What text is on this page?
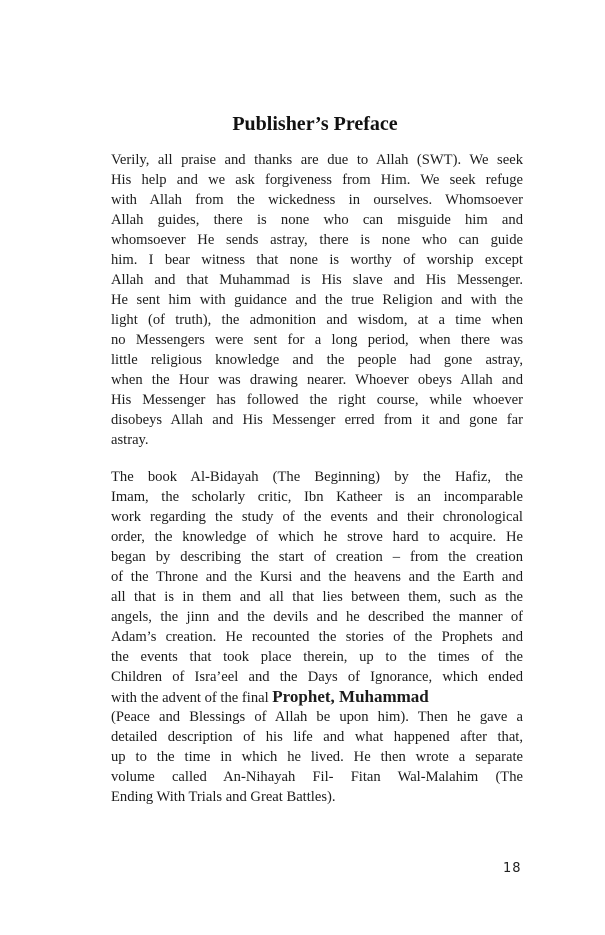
Publisher’s Preface
Verily, all praise and thanks are due to Allah (SWT). We seek
His help and we ask forgiveness from Him. We seek refuge
with Allah from the wickedness in ourselves. Whomsoever
Allah guides, there is none who can misguide him and
whomsoever He sends astray, there is none who can guide
him. I bear witness that none is worthy of worship except
Allah and that Muhammad is His slave and His Messenger.
He sent him with guidance and the true Religion and with the
light (of truth), the admonition and wisdom, at a time when
no Messengers were sent for a long period, when there was
little religious knowledge and the people had gone astray,
when the Hour was drawing nearer. Whoever obeys Allah and
His Messenger has followed the right course, while whoever
disobeys Allah and His Messenger erred from it and gone far
astray.
The book Al-Bidayah (The Beginning) by the Hafiz, the
Imam, the scholarly critic, Ibn Katheer is an incomparable
work regarding the study of the events and their chronological
order, the knowledge of which he strove hard to acquire. He
began by describing the start of creation – from the creation
of the Throne and the Kursi and the heavens and the Earth and
all that is in them and all that lies between them, such as the
angels, the jinn and the devils and he described the manner of
Adam’s creation. He recounted the stories of the Prophets and
the events that took place therein, up to the times of the
Children of Isra’eel and the Days of Ignorance, which ended
with the advent of the final Prophet, Muhammad
(Peace and Blessings of Allah be upon him). Then he gave a
detailed description of his life and what happened after that,
up to the time in which he lived. He then wrote a separate
volume called An-Nihayah Fil- Fitan Wal-Malahim (The
Ending With Trials and Great Battles).
18
